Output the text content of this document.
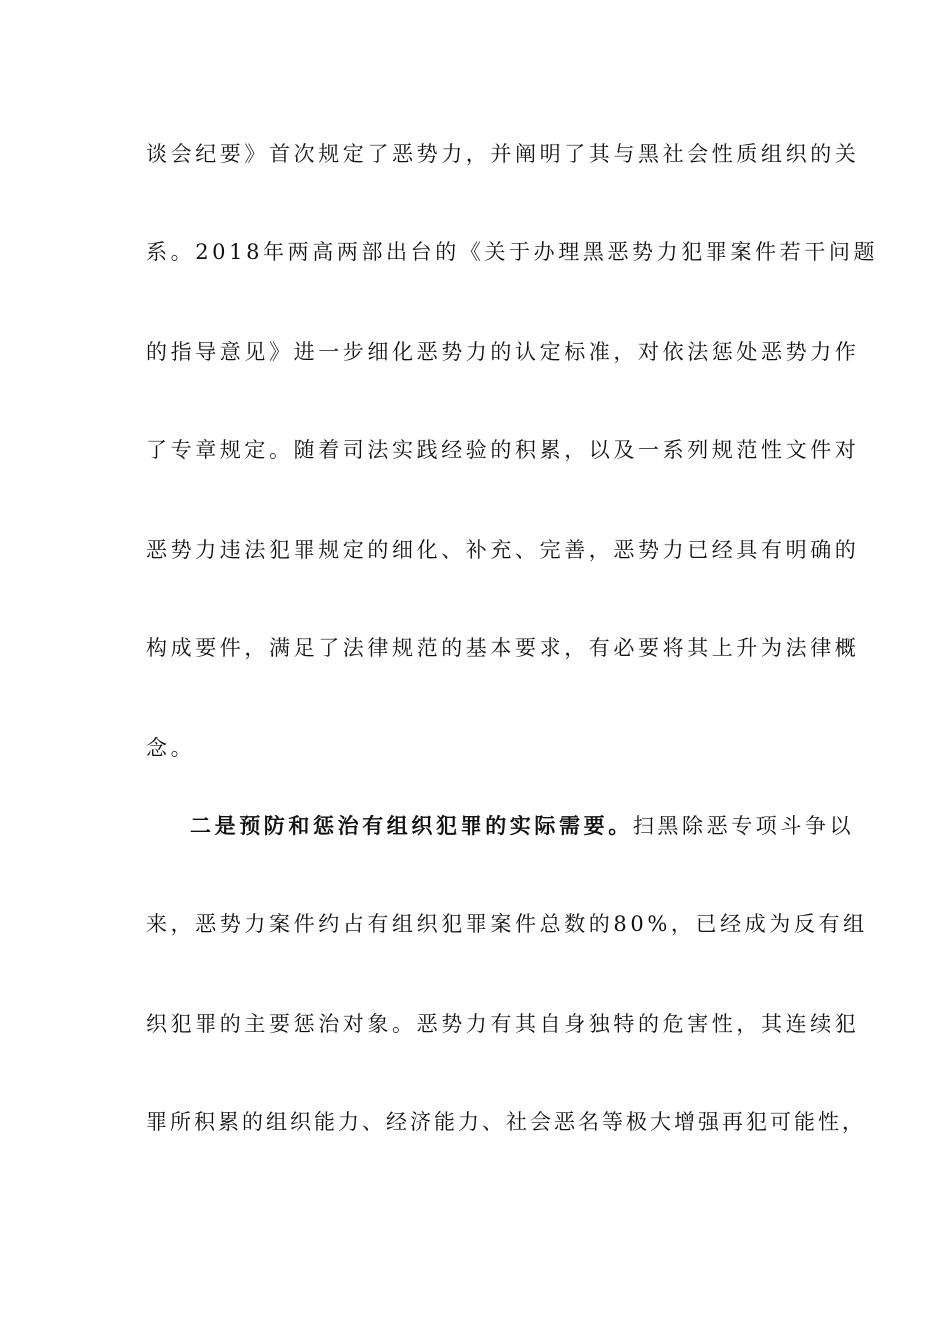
谈会纪要》首次规定了恶势力，并阐明了其与黑社会性质组织的关
系。2018年两高两部出台的《关于办理黑恶势力犯罪案件若干问题
的指导意见》进一步细化恶势力的认定标准，对依法惩处恶势力作
了专章规定。随着司法实践经验的积累，以及一系列规范性文件对
恶势力违法犯罪规定的细化、补充、完善，恶势力已经具有明确的
构成要件，满足了法律规范的基本要求，有必要将其上升为法律概
念。
二是预防和惩治有组织犯罪的实际需要。扫黑除恶专项斗争以
来，恶势力案件约占有组织犯罪案件总数的80%，已经成为反有组
织犯罪的主要惩治对象。恶势力有其自身独特的危害性，其连续犯
罪所积累的组织能力、经济能力、社会恶名等极大增强再犯可能性，
